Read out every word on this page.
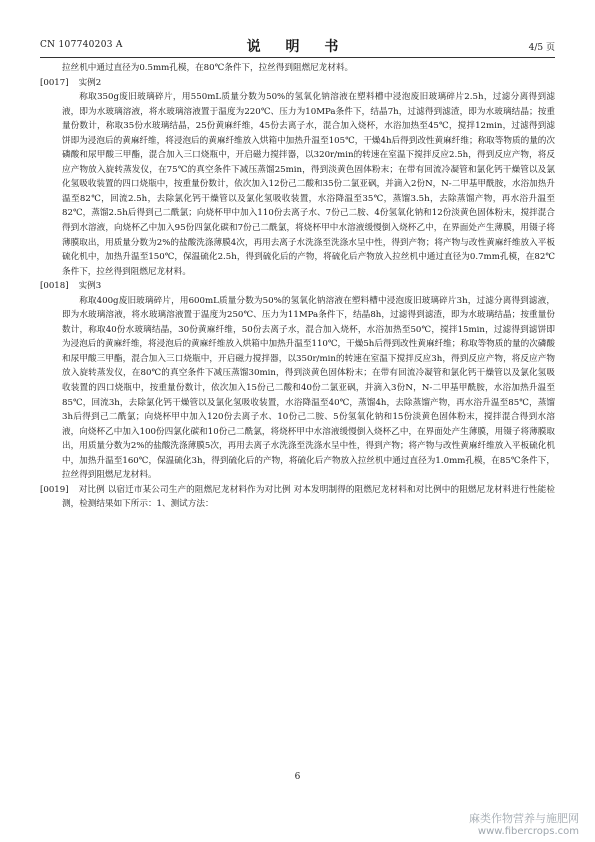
CN 107740203 A	说 明 书	4/5 页

拉丝机中通过直径为0.5mm孔模，在80℃条件下，拉丝得到阻燃尼龙材料。

[0017] 实例2

称取350g废旧玻璃碎片，用550mL质量分数为50%的氢氧化钠溶液在塑料槽中浸泡废旧玻璃碎片2.5h，过滤分离得到滤液，即为水玻璃溶液，将水玻璃溶液置于温度为220℃、压力为10MPa条件下，结晶7h，过滤得到滤渣，即为水玻璃结晶；按重量份数计，称取35份水玻璃结晶，25份黄麻纤维，45份去离子水，混合加入烧杯，水浴加热至45℃，搅拌12min，过滤得到滤饼即为浸泡后的黄麻纤维，将浸泡后的黄麻纤维放入烘箱中加热升温至105℃，干燥4h后得到改性黄麻纤维；称取等物质的量的次磷酸和尿甲酸三甲酯，混合加入三口烧瓶中，开启磁力搅拌器，以320r/min的转速在室温下搅拌反应2.5h，得到反应产物，将反应产物放入旋转蒸发仪，在75℃的真空条件下减压蒸馏25min，得到淡黄色固体粉末；在带有回流冷凝管和氯化钙干燥管以及氯化氢吸收装置的四口烧瓶中，按重量份数计，依次加入12份己二酸和35份二氯亚砜，并滴入2份N，N-二甲基甲酰胺，水浴加热升温至82℃，回流2.5h，去除氯化钙干燥管以及氯化氢吸收装置，水浴降温至35℃，蒸馏3.5h，去除蒸馏产物，再水浴升温至82℃，蒸馏2.5h后得到己二酰氯；向烧杯甲中加入110份去离子水、7份己二胺、4份氢氧化钠和12份淡黄色固体粉末，搅拌混合得到水溶液，向烧杯乙中加入95份四氯化碳和7份己二酰氯，将烧杯甲中水溶液缓慢倒入烧杯乙中，在界面处产生薄膜，用镊子将薄膜取出，用质量分数为2%的盐酸洗涤薄膜4次，再用去离子水洗涤至洗涤水呈中性，得到产物；将产物与改性黄麻纤维放入平板硫化机中，加热升温至150℃，保温硫化2.5h，得到硫化后的产物，将硫化后产物放入拉丝机中通过直径为0.7mm孔模，在82℃条件下，拉丝得到阻燃尼龙材料。

[0018] 实例3

称取400g废旧玻璃碎片，用600mL质量分数为50%的氢氧化钠溶液在塑料槽中浸泡废旧玻璃碎片3h，过滤分离得到滤液，即为水玻璃溶液，将水玻璃溶液置于温度为250℃、压力为11MPa条件下，结晶8h，过滤得到滤渣，即为水玻璃结晶；按重量份数计，称取40份水玻璃结晶，30份黄麻纤维，50份去离子水，混合加入烧杯，水浴加热至50℃，搅拌15min，过滤得到滤饼即为浸泡后的黄麻纤维，将浸泡后的黄麻纤维放入烘箱中加热升温至110℃，干燥5h后得到改性黄麻纤维；称取等物质的量的次磷酸和尿甲酸三甲酯，混合加入三口烧瓶中，开启磁力搅拌器，以350r/min的转速在室温下搅拌反应3h，得到反应产物，将反应产物放入旋转蒸发仪，在80℃的真空条件下减压蒸馏30min，得到淡黄色固体粉末；在带有回流冷凝管和氯化钙干燥管以及氯化氢吸收装置的四口烧瓶中，按重量份数计，依次加入15份己二酸和40份二氯亚砜，并滴入3份N，N-二甲基甲酰胺，水浴加热升温至85℃，回流3h，去除氯化钙干燥管以及氯化氢吸收装置，水浴降温至40℃，蒸馏4h，去除蒸馏产物，再水浴升温至85℃，蒸馏3h后得到己二酰氯；向烧杯甲中加入120份去离子水、10份己二胺、5份氢氧化钠和15份淡黄色固体粉末，搅拌混合得到水溶液，向烧杯乙中加入100份四氯化碳和10份己二酰氯，将烧杯甲中水溶液缓慢倒入烧杯乙中，在界面处产生薄膜，用镊子将薄膜取出，用质量分数为2%的盐酸洗涤薄膜5次，再用去离子水洗涤至洗涤水呈中性，得到产物；将产物与改性黄麻纤维放入平板硫化机中，加热升温至160℃，保温硫化3h，得到硫化后的产物，将硫化后产物放入拉丝机中通过直径为1.0mm孔模，在85℃条件下，拉丝得到阻燃尼龙材料。

[0019] 对比例 以宿迁市某公司生产的阻燃尼龙材料作为对比例 对本发明制得的阻燃尼龙材料和对比例中的阻燃尼龙材料进行性能检测，检测结果如下所示：1、测试方法：

6
麻类作物营养与施肥网
www.fibercrops.com
